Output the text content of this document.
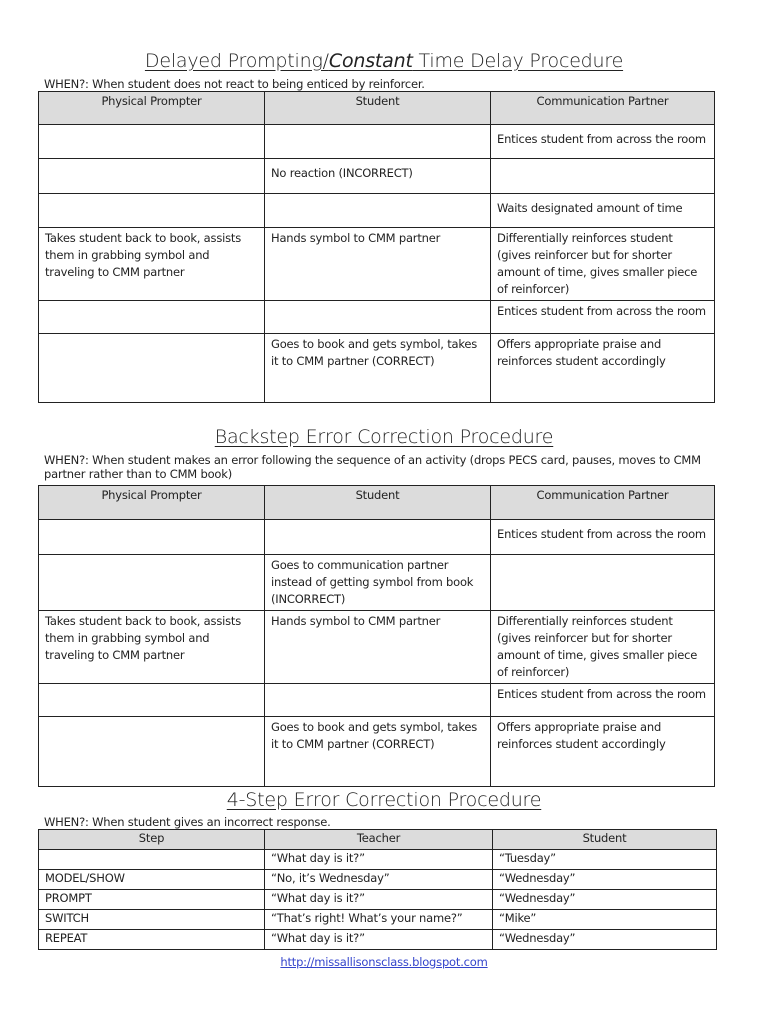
Delayed Prompting/Constant Time Delay Procedure
WHEN?: When student does not react to being enticed by reinforcer.
Physical Prompter	Student	Communication Partner
		Entices student from across the room
	No reaction (INCORRECT)	
		Waits designated amount of time
Takes student back to book, assists them in grabbing symbol and traveling to CMM partner	Hands symbol to CMM partner	Differentially reinforces student (gives reinforcer but for shorter amount of time, gives smaller piece of reinforcer)
		Entices student from across the room
	Goes to book and gets symbol, takes it to CMM partner (CORRECT)	Offers appropriate praise and reinforces student accordingly
Backstep Error Correction Procedure
WHEN?: When student makes an error following the sequence of an activity (drops PECS card, pauses, moves to CMM partner rather than to CMM book)
Physical Prompter	Student	Communication Partner
		Entices student from across the room
	Goes to communication partner instead of getting symbol from book (INCORRECT)	
Takes student back to book, assists them in grabbing symbol and traveling to CMM partner	Hands symbol to CMM partner	Differentially reinforces student (gives reinforcer but for shorter amount of time, gives smaller piece of reinforcer)
		Entices student from across the room
	Goes to book and gets symbol, takes it to CMM partner (CORRECT)	Offers appropriate praise and reinforces student accordingly
4-Step Error Correction Procedure
WHEN?: When student gives an incorrect response.
Step	Teacher	Student
	“What day is it?”	“Tuesday”
MODEL/SHOW	“No, it’s Wednesday”	“Wednesday”
PROMPT	“What day is it?”	“Wednesday”
SWITCH	“That’s right! What’s your name?”	“Mike”
REPEAT	“What day is it?”	“Wednesday”
http://missallisonsclass.blogspot.com
